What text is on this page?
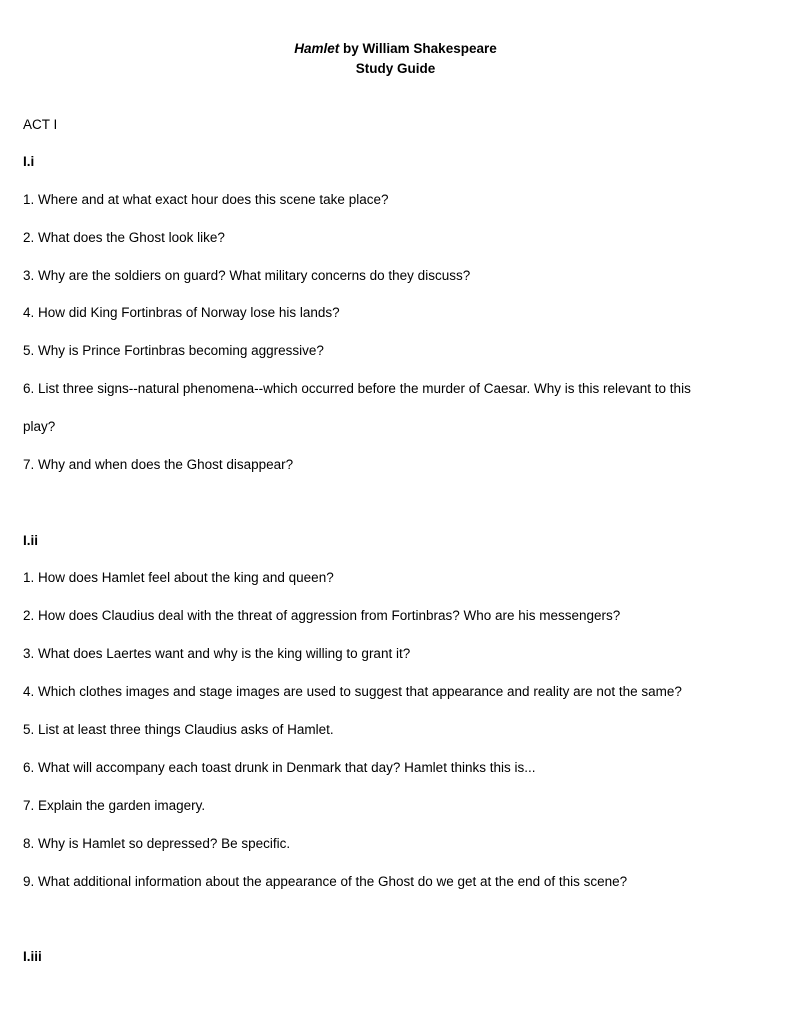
Hamlet by William Shakespeare
Study Guide
ACT I
I.i
1. Where and at what exact hour does this scene take place?
2. What does the Ghost look like?
3. Why are the soldiers on guard? What military concerns do they discuss?
4. How did King Fortinbras of Norway lose his lands?
5. Why is Prince Fortinbras becoming aggressive?
6. List three signs--natural phenomena--which occurred before the murder of Caesar. Why is this relevant to this
play?
7. Why and when does the Ghost disappear?
I.ii
1. How does Hamlet feel about the king and queen?
2. How does Claudius deal with the threat of aggression from Fortinbras? Who are his messengers?
3. What does Laertes want and why is the king willing to grant it?
4. Which clothes images and stage images are used to suggest that appearance and reality are not the same?
5. List at least three things Claudius asks of Hamlet.
6. What will accompany each toast drunk in Denmark that day? Hamlet thinks this is...
7. Explain the garden imagery.
8. Why is Hamlet so depressed? Be specific.
9. What additional information about the appearance of the Ghost do we get at the end of this scene?
I.iii
